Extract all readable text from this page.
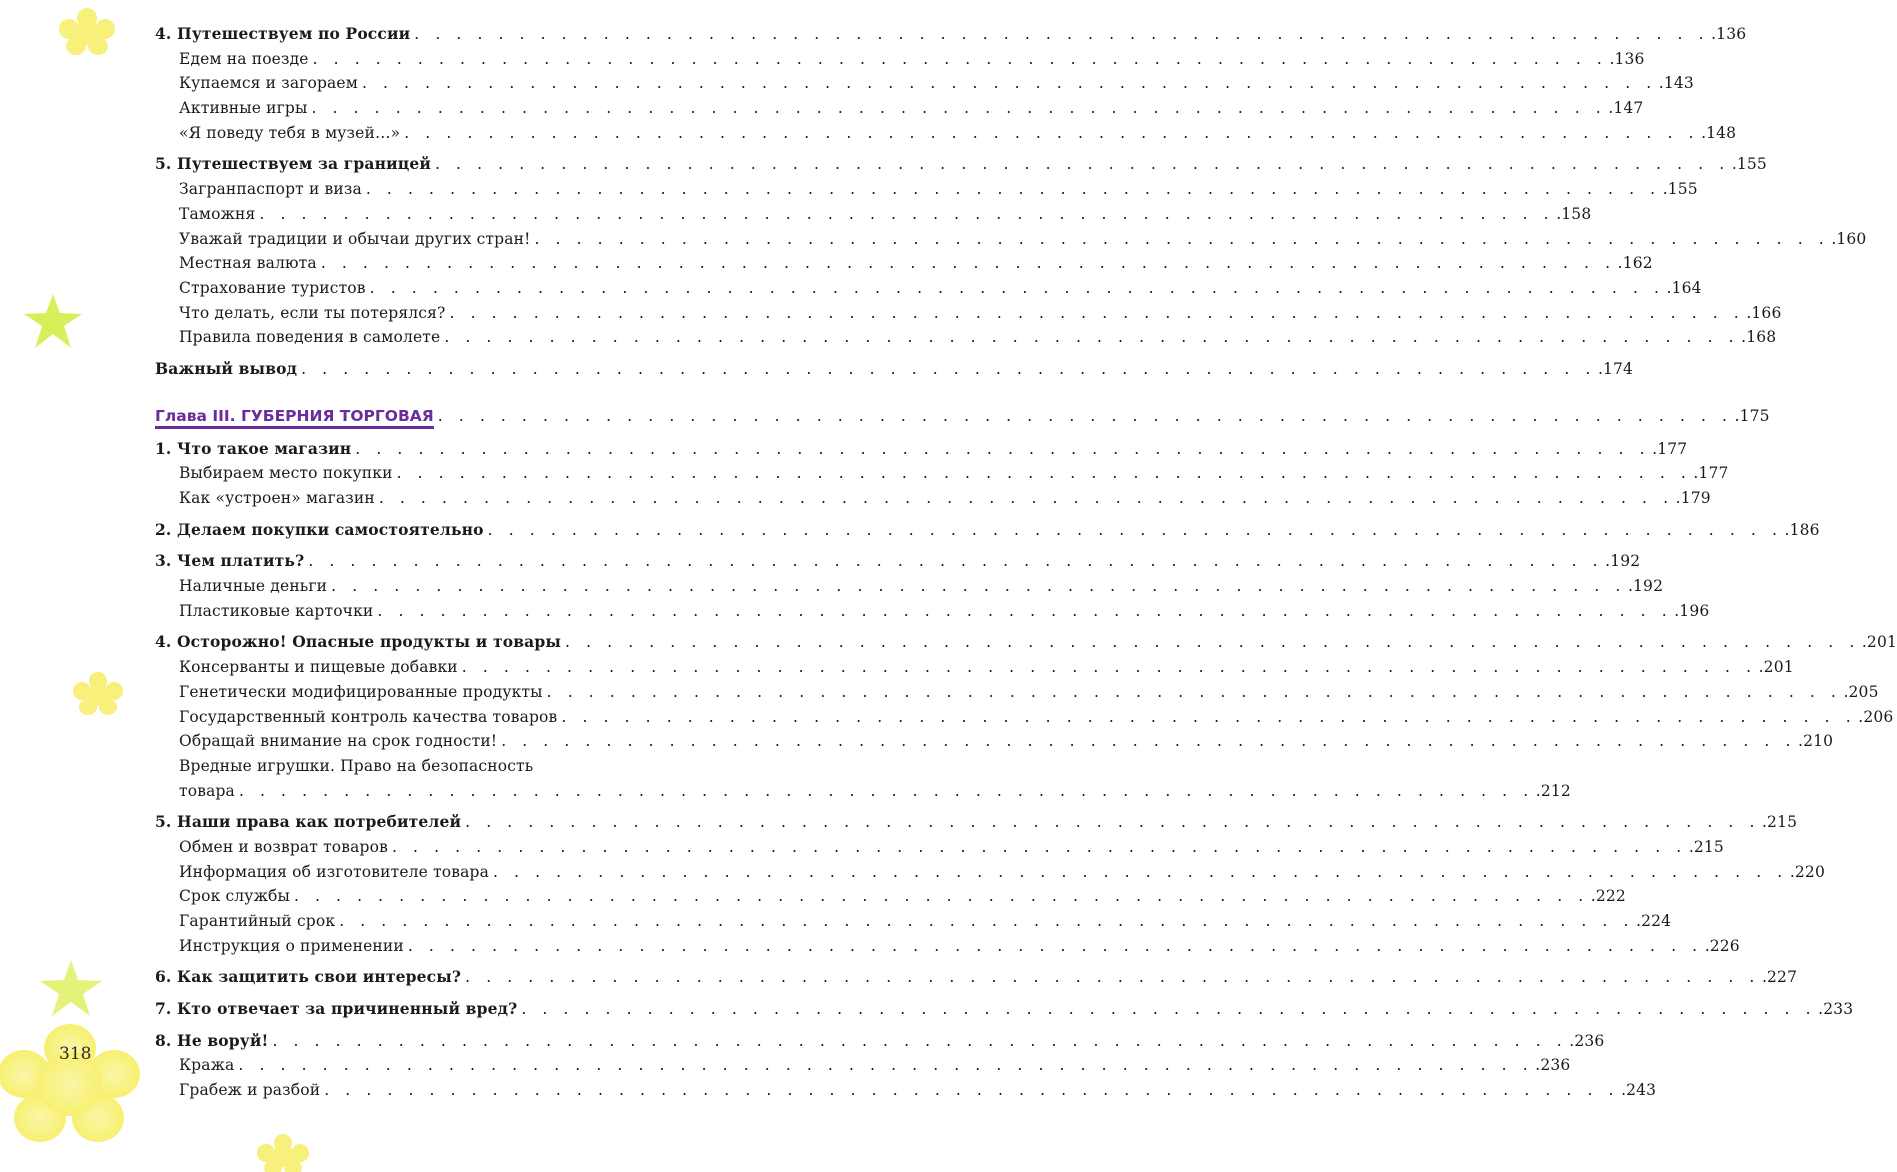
318
4. Путешествуем по России . . . . . . . . . . . . . . . . . . . . . . . . . . . . . . . . . . . . . . . . . . . . . . . . . . . . . . . . . . . . . . .136
Едем на поезде . . . . . . . . . . . . . . . . . . . . . . . . . . . . . . . . . . . . . . . . . . . . . . . . . . . . . . . . . . . . . . .136
Купаемся и загораем . . . . . . . . . . . . . . . . . . . . . . . . . . . . . . . . . . . . . . . . . . . . . . . . . . . . . . . . . . . . . . .143
Активные игры . . . . . . . . . . . . . . . . . . . . . . . . . . . . . . . . . . . . . . . . . . . . . . . . . . . . . . . . . . . . . . .147
«Я поведу тебя в музей…» . . . . . . . . . . . . . . . . . . . . . . . . . . . . . . . . . . . . . . . . . . . . . . . . . . . . . . . . . . . . . . .148
5. Путешествуем за границей . . . . . . . . . . . . . . . . . . . . . . . . . . . . . . . . . . . . . . . . . . . . . . . . . . . . . . . . . . . . . . .155
Загранпаспорт и виза . . . . . . . . . . . . . . . . . . . . . . . . . . . . . . . . . . . . . . . . . . . . . . . . . . . . . . . . . . . . . . .155
Таможня . . . . . . . . . . . . . . . . . . . . . . . . . . . . . . . . . . . . . . . . . . . . . . . . . . . . . . . . . . . . . . .158
Уважай традиции и обычаи других стран! . . . . . . . . . . . . . . . . . . . . . . . . . . . . . . . . . . . . . . . . . . . . . . . . . . . . . . . . . . . . . . .160
Местная валюта . . . . . . . . . . . . . . . . . . . . . . . . . . . . . . . . . . . . . . . . . . . . . . . . . . . . . . . . . . . . . . .162
Страхование туристов . . . . . . . . . . . . . . . . . . . . . . . . . . . . . . . . . . . . . . . . . . . . . . . . . . . . . . . . . . . . . . .164
Что делать, если ты потерялся? . . . . . . . . . . . . . . . . . . . . . . . . . . . . . . . . . . . . . . . . . . . . . . . . . . . . . . . . . . . . . . .166
Правила поведения в самолете . . . . . . . . . . . . . . . . . . . . . . . . . . . . . . . . . . . . . . . . . . . . . . . . . . . . . . . . . . . . . . .168
Важный вывод . . . . . . . . . . . . . . . . . . . . . . . . . . . . . . . . . . . . . . . . . . . . . . . . . . . . . . . . . . . . . . .174
Глава III. ГУБЕРНИЯ ТОРГОВАЯ . . . . . . . . . . . . . . . . . . . . . . . . . . . . . . . . . . . . . . . . . . . . . . . . . . . . . . . . . . . . . . .175
1. Что такое магазин . . . . . . . . . . . . . . . . . . . . . . . . . . . . . . . . . . . . . . . . . . . . . . . . . . . . . . . . . . . . . . .177
Выбираем место покупки . . . . . . . . . . . . . . . . . . . . . . . . . . . . . . . . . . . . . . . . . . . . . . . . . . . . . . . . . . . . . . .177
Как «устроен» магазин . . . . . . . . . . . . . . . . . . . . . . . . . . . . . . . . . . . . . . . . . . . . . . . . . . . . . . . . . . . . . . .179
2. Делаем покупки самостоятельно . . . . . . . . . . . . . . . . . . . . . . . . . . . . . . . . . . . . . . . . . . . . . . . . . . . . . . . . . . . . . . .186
3. Чем платить? . . . . . . . . . . . . . . . . . . . . . . . . . . . . . . . . . . . . . . . . . . . . . . . . . . . . . . . . . . . . . . .192
Наличные деньги . . . . . . . . . . . . . . . . . . . . . . . . . . . . . . . . . . . . . . . . . . . . . . . . . . . . . . . . . . . . . . .192
Пластиковые карточки . . . . . . . . . . . . . . . . . . . . . . . . . . . . . . . . . . . . . . . . . . . . . . . . . . . . . . . . . . . . . . .196
4. Осторожно! Опасные продукты и товары . . . . . . . . . . . . . . . . . . . . . . . . . . . . . . . . . . . . . . . . . . . . . . . . . . . . . . . . . . . . . . .201
Консерванты и пищевые добавки . . . . . . . . . . . . . . . . . . . . . . . . . . . . . . . . . . . . . . . . . . . . . . . . . . . . . . . . . . . . . . .201
Генетически модифицированные продукты . . . . . . . . . . . . . . . . . . . . . . . . . . . . . . . . . . . . . . . . . . . . . . . . . . . . . . . . . . . . . . .205
Государственный контроль качества товаров . . . . . . . . . . . . . . . . . . . . . . . . . . . . . . . . . . . . . . . . . . . . . . . . . . . . . . . . . . . . . . .206
Обращай внимание на срок годности! . . . . . . . . . . . . . . . . . . . . . . . . . . . . . . . . . . . . . . . . . . . . . . . . . . . . . . . . . . . . . . .210
Вредные игрушки. Право на безопасность
товара . . . . . . . . . . . . . . . . . . . . . . . . . . . . . . . . . . . . . . . . . . . . . . . . . . . . . . . . . . . . . . .212
5. Наши права как потребителей . . . . . . . . . . . . . . . . . . . . . . . . . . . . . . . . . . . . . . . . . . . . . . . . . . . . . . . . . . . . . . .215
Обмен и возврат товаров . . . . . . . . . . . . . . . . . . . . . . . . . . . . . . . . . . . . . . . . . . . . . . . . . . . . . . . . . . . . . . .215
Информация об изготовителе товара . . . . . . . . . . . . . . . . . . . . . . . . . . . . . . . . . . . . . . . . . . . . . . . . . . . . . . . . . . . . . . .220
Срок службы . . . . . . . . . . . . . . . . . . . . . . . . . . . . . . . . . . . . . . . . . . . . . . . . . . . . . . . . . . . . . . .222
Гарантийный срок . . . . . . . . . . . . . . . . . . . . . . . . . . . . . . . . . . . . . . . . . . . . . . . . . . . . . . . . . . . . . . .224
Инструкция о применении . . . . . . . . . . . . . . . . . . . . . . . . . . . . . . . . . . . . . . . . . . . . . . . . . . . . . . . . . . . . . . .226
6. Как защитить свои интересы? . . . . . . . . . . . . . . . . . . . . . . . . . . . . . . . . . . . . . . . . . . . . . . . . . . . . . . . . . . . . . . .227
7. Кто отвечает за причиненный вред? . . . . . . . . . . . . . . . . . . . . . . . . . . . . . . . . . . . . . . . . . . . . . . . . . . . . . . . . . . . . . . .233
8. Не воруй! . . . . . . . . . . . . . . . . . . . . . . . . . . . . . . . . . . . . . . . . . . . . . . . . . . . . . . . . . . . . . . .236
Кража . . . . . . . . . . . . . . . . . . . . . . . . . . . . . . . . . . . . . . . . . . . . . . . . . . . . . . . . . . . . . . .236
Грабеж и разбой . . . . . . . . . . . . . . . . . . . . . . . . . . . . . . . . . . . . . . . . . . . . . . . . . . . . . . . . . . . . . . .243
